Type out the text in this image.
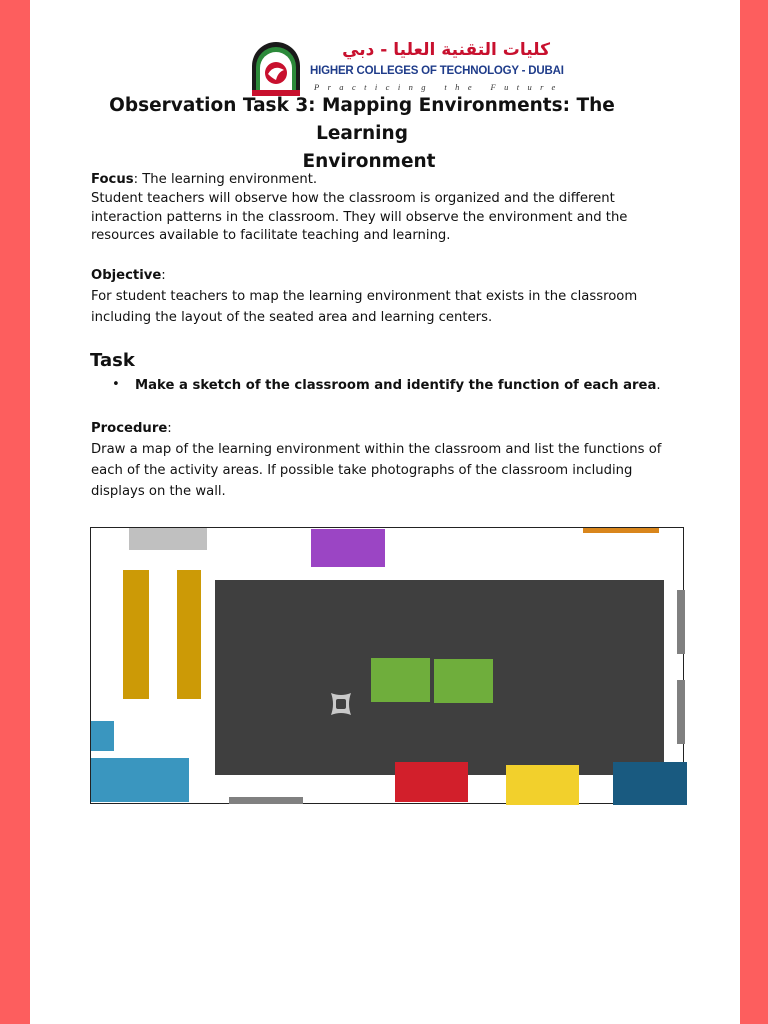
كليات التقنية العليا - دبي
HIGHER COLLEGES OF TECHNOLOGY - DUBAI
Practicing the Future
Observation Task 3: Mapping Environments: The Learning
Environment
Focus: The learning environment.
Student teachers will observe how the classroom is organized and the different
interaction patterns in the classroom. They will observe the environment and the
resources available to facilitate teaching and learning.
Objective:
For student teachers to map the learning environment that exists in the classroom
including the layout of the seated area and learning centers.
Task
• Make a sketch of the classroom and identify the function of each area.
Procedure:
Draw a map of the learning environment within the classroom and list the functions of
each of the activity areas. If possible take photographs of the classroom including
displays on the wall.
